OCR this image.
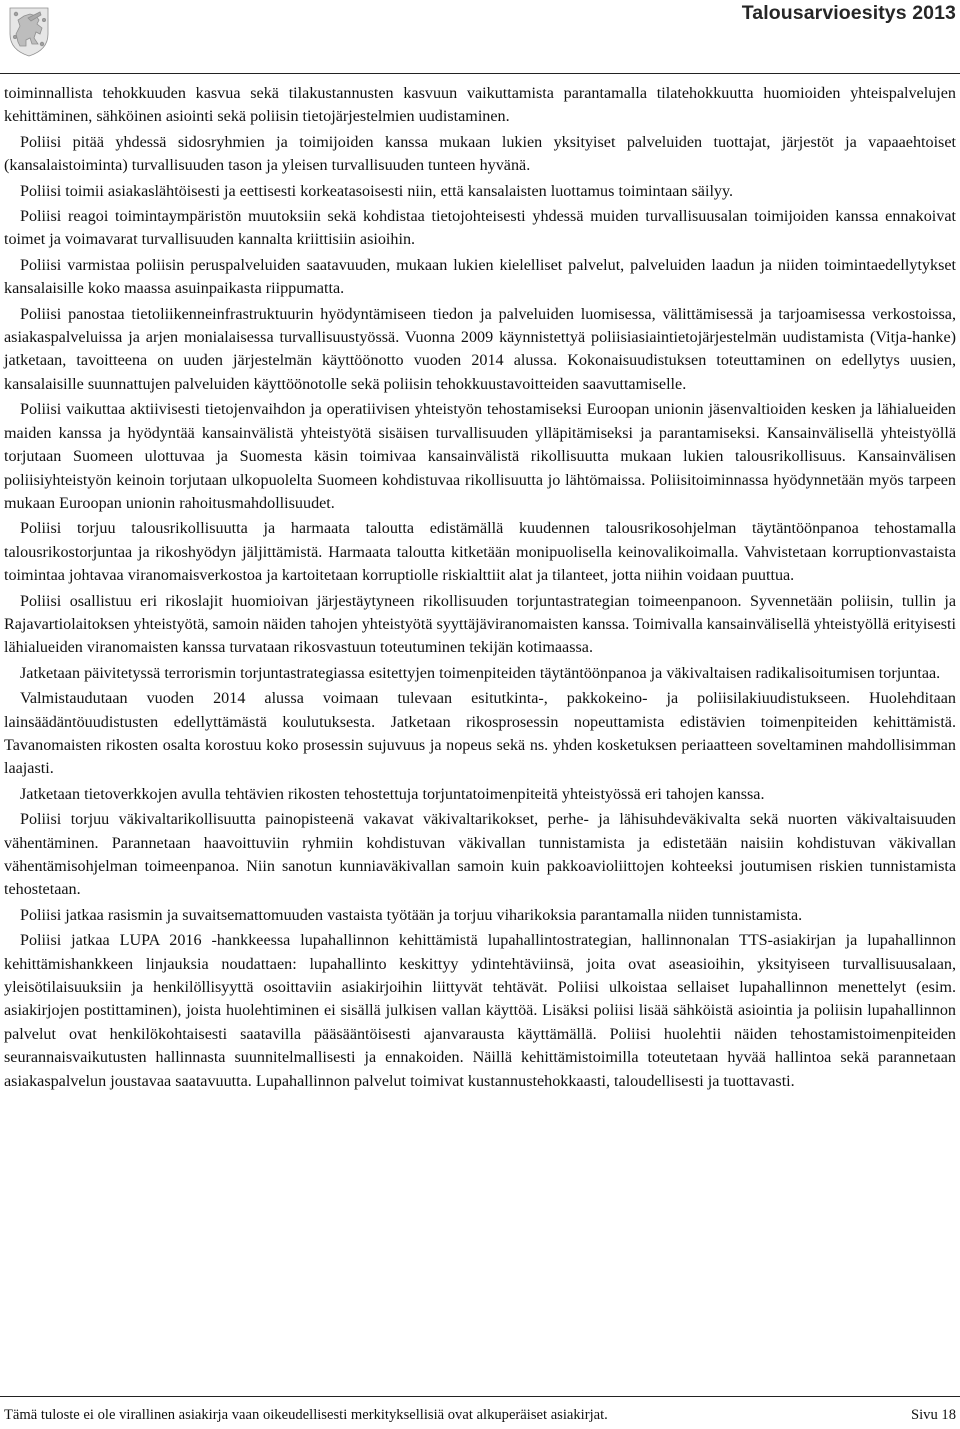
Talousarvioesitys 2013

toiminnallista tehokkuuden kasvua sekä tilakustannusten kasvuun vaikuttamista parantamalla tilatehokkuutta huomioiden yhteispalvelujen kehittäminen, sähköinen asiointi sekä poliisin tietojärjestelmien uudistaminen.

Poliisi pitää yhdessä sidosryhmien ja toimijoiden kanssa mukaan lukien yksityiset palveluiden tuottajat, järjestöt ja vapaaehtoiset (kansalaistoiminta) turvallisuuden tason ja yleisen turvallisuuden tunteen hyvänä.

Poliisi toimii asiakaslähtöisesti ja eettisesti korkeatasoisesti niin, että kansalaisten luottamus toimintaan säilyy.

Poliisi reagoi toimintaympäristön muutoksiin sekä kohdistaa tietojohteisesti yhdessä muiden turvallisuusalan toimijoiden kanssa ennakoivat toimet ja voimavarat turvallisuuden kannalta kriittisiin asioihin.

Poliisi varmistaa poliisin peruspalveluiden saatavuuden, mukaan lukien kielelliset palvelut, palveluiden laadun ja niiden toimintaedellytykset kansalaisille koko maassa asuinpaikasta riippumatta.

Poliisi panostaa tietoliikenneinfrastruktuurin hyödyntämiseen tiedon ja palveluiden luomisessa, välittämisessä ja tarjoamisessa verkostoissa, asiakaspalveluissa ja arjen monialaisessa turvallisuustyössä. Vuonna 2009 käynnistettyä poliisiasiaintietojärjestelmän uudistamista (Vitja-hanke) jatketaan, tavoitteena on uuden järjestelmän käyttöönotto vuoden 2014 alussa. Kokonaisuudistuksen toteuttaminen on edellytys uusien, kansalaisille suunnattujen palveluiden käyttöönotolle sekä poliisin tehokkuustavoitteiden saavuttamiselle.

Poliisi vaikuttaa aktiivisesti tietojenvaihdon ja operatiivisen yhteistyön tehostamiseksi Euroopan unionin jäsenvaltioiden kesken ja lähialueiden maiden kanssa ja hyödyntää kansainvälistä yhteistyötä sisäisen turvallisuuden ylläpitämiseksi ja parantamiseksi. Kansainvälisellä yhteistyöllä torjutaan Suomeen ulottuvaa ja Suomesta käsin toimivaa kansainvälistä rikollisuutta mukaan lukien talousrikollisuus. Kansainvälisen poliisiyhteistyön keinoin torjutaan ulkopuolelta Suomeen kohdistuvaa rikollisuutta jo lähtömaissa. Poliisitoiminnassa hyödynnetään myös tarpeen mukaan Euroopan unionin rahoitusmahdollisuudet.

Poliisi torjuu talousrikollisuutta ja harmaata taloutta edistämällä kuudennen talousrikosohjelman täytäntöönpanoa tehostamalla talousrikostorjuntaa ja rikoshyödyn jäljittämistä. Harmaata taloutta kitketään monipuolisella keinovalikoimalla. Vahvistetaan korruptionvastaista toimintaa johtavaa viranomaisverkostoa ja kartoitetaan korruptiolle riskialttiit alat ja tilanteet, jotta niihin voidaan puuttua.

Poliisi osallistuu eri rikoslajit huomioivan järjestäytyneen rikollisuuden torjuntastrategian toimeenpanoon. Syvennetään poliisin, tullin ja Rajavartiolaitoksen yhteistyötä, samoin näiden tahojen yhteistyötä syyttäjäviranomaisten kanssa. Toimivalla kansainvälisellä yhteistyöllä erityisesti lähialueiden viranomaisten kanssa turvataan rikosvastuun toteutuminen tekijän kotimaassa.

Jatketaan päivitetyssä terrorismin torjuntastrategiassa esitettyjen toimenpiteiden täytäntöönpanoa ja väkivaltaisen radikalisoitumisen torjuntaa.

Valmistaudutaan vuoden 2014 alussa voimaan tulevaan esitutkinta-, pakkokeino- ja poliisilakiuudistukseen. Huolehditaan lainsäädäntöuudistusten edellyttämästä koulutuksesta. Jatketaan rikosprosessin nopeuttamista edistävien toimenpiteiden kehittämistä. Tavanomaisten rikosten osalta korostuu koko prosessin sujuvuus ja nopeus sekä ns. yhden kosketuksen periaatteen soveltaminen mahdollisimman laajasti.

Jatketaan tietoverkkojen avulla tehtävien rikosten tehostettuja torjuntatoimenpiteitä yhteistyössä eri tahojen kanssa.

Poliisi torjuu väkivaltarikollisuutta painopisteenä vakavat väkivaltarikokset, perhe- ja lähisuhdeväkivalta sekä nuorten väkivaltaisuuden vähentäminen. Parannetaan haavoittuviin ryhmiin kohdistuvan väkivallan tunnistamista ja edistetään naisiin kohdistuvan väkivallan vähentämisohjelman toimeenpanoa. Niin sanotun kunniaväkivallan samoin kuin pakkoavioliittojen kohteeksi joutumisen riskien tunnistamista tehostetaan.

Poliisi jatkaa rasismin ja suvaitsemattomuuden vastaista työtään ja torjuu viharikoksia parantamalla niiden tunnistamista.

Poliisi jatkaa LUPA 2016 -hankkeessa lupahallinnon kehittämistä lupahallintostrategian, hallinnonalan TTS-asiakirjan ja lupahallinnon kehittämishankkeen linjauksia noudattaen: lupahallinto keskittyy ydintehtäviinsä, joita ovat aseasioihin, yksityiseen turvallisuusalaan, yleisötilaisuuksiin ja henkilöllisyyttä osoittaviin asiakirjoihin liittyvät tehtävät. Poliisi ulkoistaa sellaiset lupahallinnon menettelyt (esim. asiakirjojen postittaminen), joista huolehtiminen ei sisällä julkisen vallan käyttöä. Lisäksi poliisi lisää sähköistä asiointia ja poliisin lupahallinnon palvelut ovat henkilökohtaisesti saatavilla pääsääntöisesti ajanvarausta käyttämällä. Poliisi huolehtii näiden tehostamistoimenpiteiden seurannaisvaikutusten hallinnasta suunnitelmallisesti ja ennakoiden. Näillä kehittämistoimilla toteutetaan hyvää hallintoa sekä parannetaan asiakaspalvelun joustavaa saatavuutta. Lupahallinnon palvelut toimivat kustannustehokkaasti, taloudellisesti ja tuottavasti.

Tämä tuloste ei ole virallinen asiakirja vaan oikeudellisesti merkityksellisiä ovat alkuperäiset asiakirjat.	Sivu 18
